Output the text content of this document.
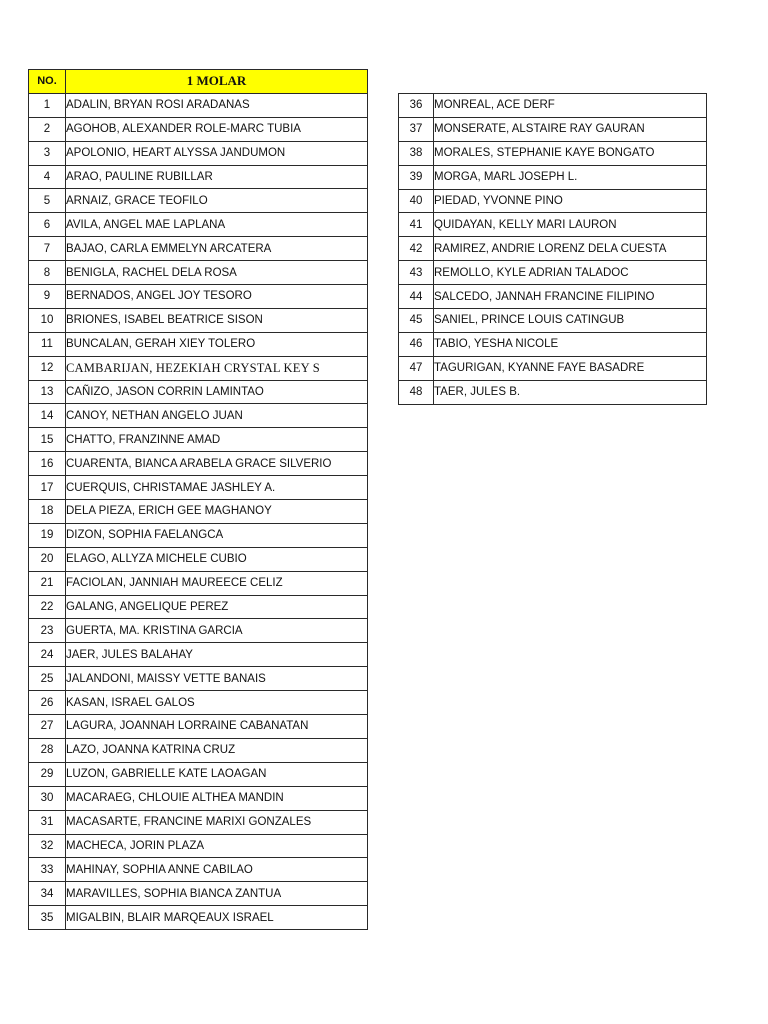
NO.	1 MOLAR
1	ADALIN, BRYAN ROSI ARADANAS
2	AGOHOB, ALEXANDER ROLE-MARC TUBIA
3	APOLONIO, HEART ALYSSA JANDUMON
4	ARAO, PAULINE RUBILLAR
5	ARNAIZ, GRACE TEOFILO
6	AVILA, ANGEL MAE LAPLANA
7	BAJAO, CARLA EMMELYN ARCATERA
8	BENIGLA, RACHEL DELA ROSA
9	BERNADOS, ANGEL JOY TESORO
10	BRIONES, ISABEL BEATRICE SISON
11	BUNCALAN, GERAH XIEY TOLERO
12	CAMBARIJAN, HEZEKIAH CRYSTAL KEY S
13	CAÑIZO, JASON CORRIN LAMINTAO
14	CANOY, NETHAN ANGELO JUAN
15	CHATTO, FRANZINNE AMAD
16	CUARENTA, BIANCA ARABELA GRACE SILVERIO
17	CUERQUIS, CHRISTAMAE JASHLEY A.
18	DELA PIEZA, ERICH GEE MAGHANOY
19	DIZON, SOPHIA FAELANGCA
20	ELAGO, ALLYZA MICHELE CUBIO
21	FACIOLAN, JANNIAH MAUREECE CELIZ
22	GALANG, ANGELIQUE PEREZ
23	GUERTA, MA. KRISTINA GARCIA
24	JAER, JULES BALAHAY
25	JALANDONI, MAISSY VETTE BANAIS
26	KASAN, ISRAEL GALOS
27	LAGURA, JOANNAH LORRAINE CABANATAN
28	LAZO, JOANNA KATRINA CRUZ
29	LUZON, GABRIELLE KATE LAOAGAN
30	MACARAEG, CHLOUIE ALTHEA MANDIN
31	MACASARTE, FRANCINE MARIXI GONZALES
32	MACHECA, JORIN PLAZA
33	MAHINAY, SOPHIA ANNE CABILAO
34	MARAVILLES, SOPHIA BIANCA ZANTUA
35	MIGALBIN, BLAIR MARQEAUX ISRAEL
36	MONREAL, ACE DERF
37	MONSERATE, ALSTAIRE RAY GAURAN
38	MORALES, STEPHANIE KAYE BONGATO
39	MORGA, MARL JOSEPH L.
40	PIEDAD, YVONNE PINO
41	QUIDAYAN, KELLY MARI LAURON
42	RAMIREZ, ANDRIE LORENZ DELA CUESTA
43	REMOLLO, KYLE ADRIAN TALADOC
44	SALCEDO, JANNAH FRANCINE FILIPINO
45	SANIEL, PRINCE LOUIS CATINGUB
46	TABIO, YESHA NICOLE
47	TAGURIGAN, KYANNE FAYE BASADRE
48	TAER, JULES B.
